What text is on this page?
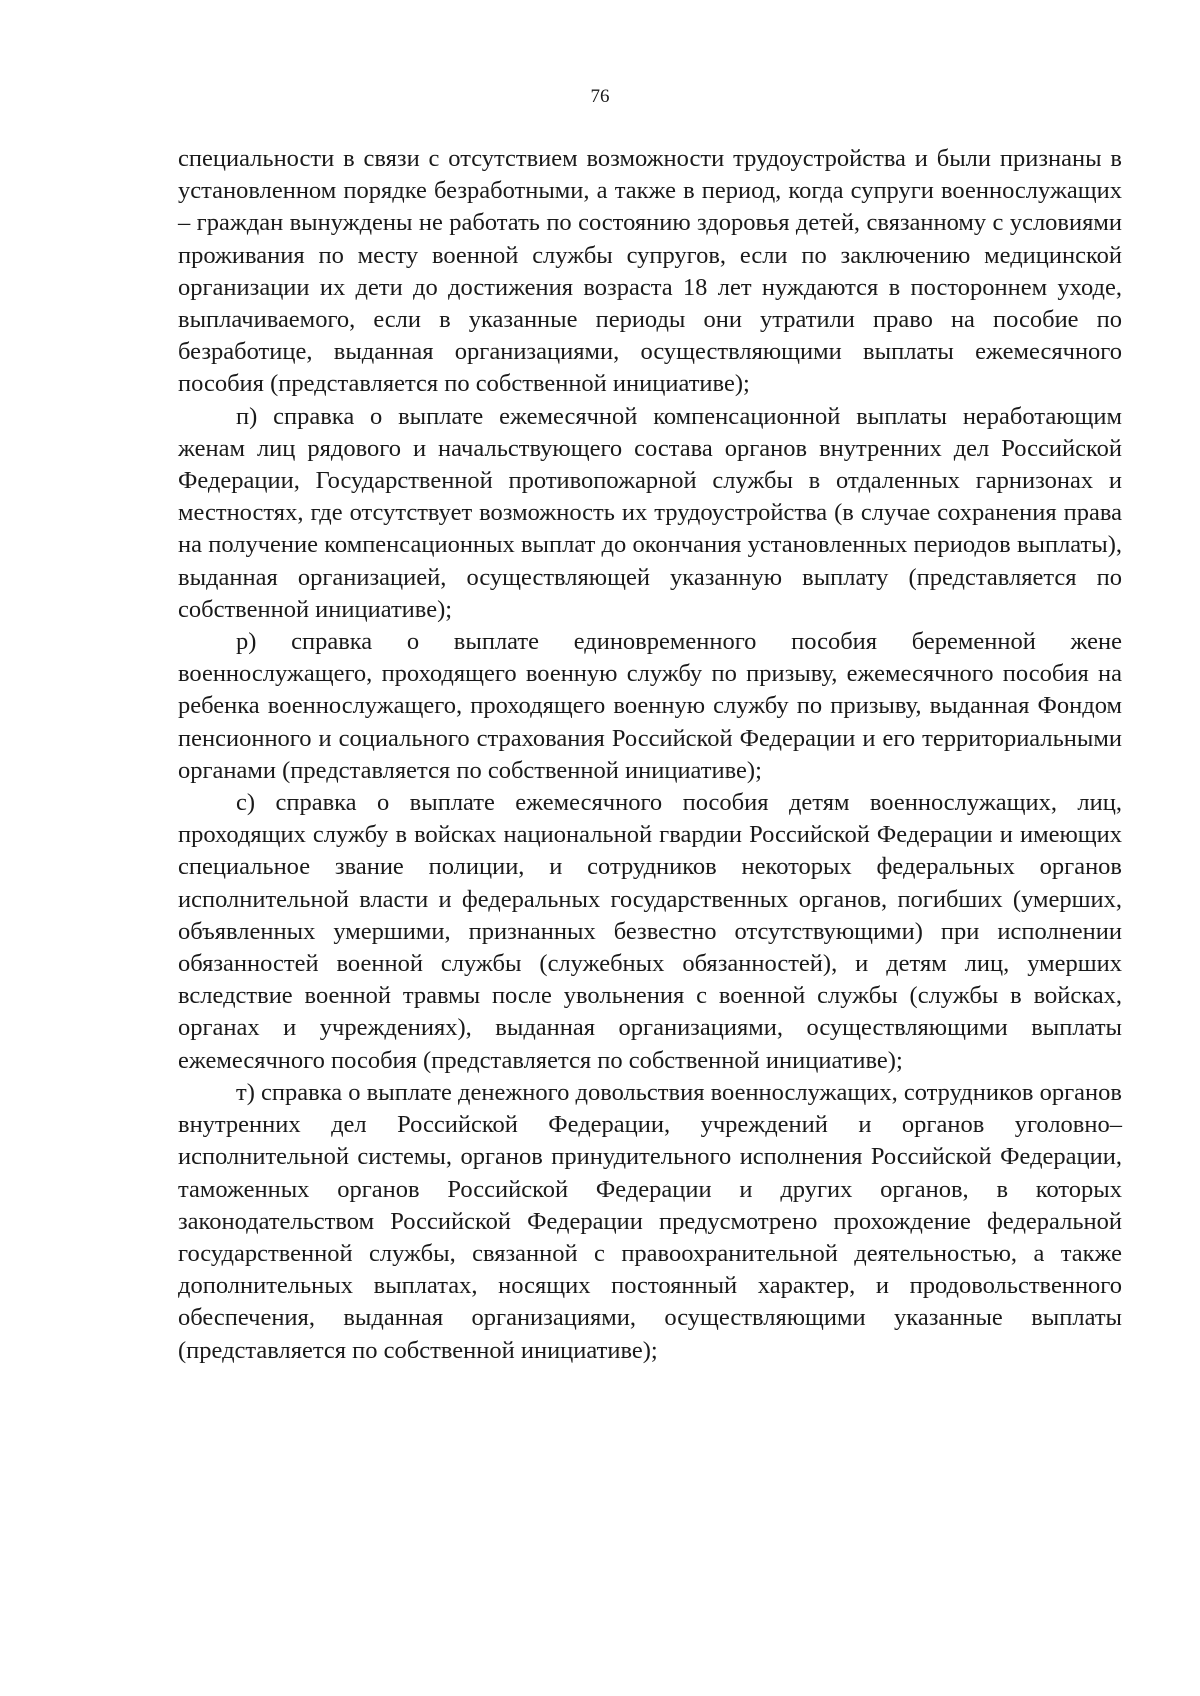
76

специальности в связи с отсутствием возможности трудоустройства и были признаны в установленном порядке безработными, а также в период, когда супруги военнослужащих – граждан вынуждены не работать по состоянию здоровья детей, связанному с условиями проживания по месту военной службы супругов, если по заключению медицинской организации их дети до достижения возраста 18 лет нуждаются в постороннем уходе, выплачиваемого, если в указанные периоды они утратили право на пособие по безработице, выданная организациями, осуществляющими выплаты ежемесячного пособия (представляется по собственной инициативе);

п) справка о выплате ежемесячной компенсационной выплаты неработающим женам лиц рядового и начальствующего состава органов внутренних дел Российской Федерации, Государственной противопожарной службы в отдаленных гарнизонах и местностях, где отсутствует возможность их трудоустройства (в случае сохранения права на получение компенсационных выплат до окончания установленных периодов выплаты), выданная организацией, осуществляющей указанную выплату (представляется по собственной инициативе);

р) справка о выплате единовременного пособия беременной жене военнослужащего, проходящего военную службу по призыву, ежемесячного пособия на ребенка военнослужащего, проходящего военную службу по призыву, выданная Фондом пенсионного и социального страхования Российской Федерации и его территориальными органами (представляется по собственной инициативе);

с) справка о выплате ежемесячного пособия детям военнослужащих, лиц, проходящих службу в войсках национальной гвардии Российской Федерации и имеющих специальное звание полиции, и сотрудников некоторых федеральных органов исполнительной власти и федеральных государственных органов, погибших (умерших, объявленных умершими, признанных безвестно отсутствующими) при исполнении обязанностей военной службы (служебных обязанностей), и детям лиц, умерших вследствие военной травмы после увольнения с военной службы (службы в войсках, органах и учреждениях), выданная организациями, осуществляющими выплаты ежемесячного пособия (представляется по собственной инициативе);

т) справка о выплате денежного довольствия военнослужащих, сотрудников органов внутренних дел Российской Федерации, учреждений и органов уголовно–исполнительной системы, органов принудительного исполнения Российской Федерации, таможенных органов Российской Федерации и других органов, в которых законодательством Российской Федерации предусмотрено прохождение федеральной государственной службы, связанной с правоохранительной деятельностью, а также дополнительных выплатах, носящих постоянный характер, и продовольственного обеспечения, выданная организациями, осуществляющими указанные выплаты (представляется по собственной инициативе);
